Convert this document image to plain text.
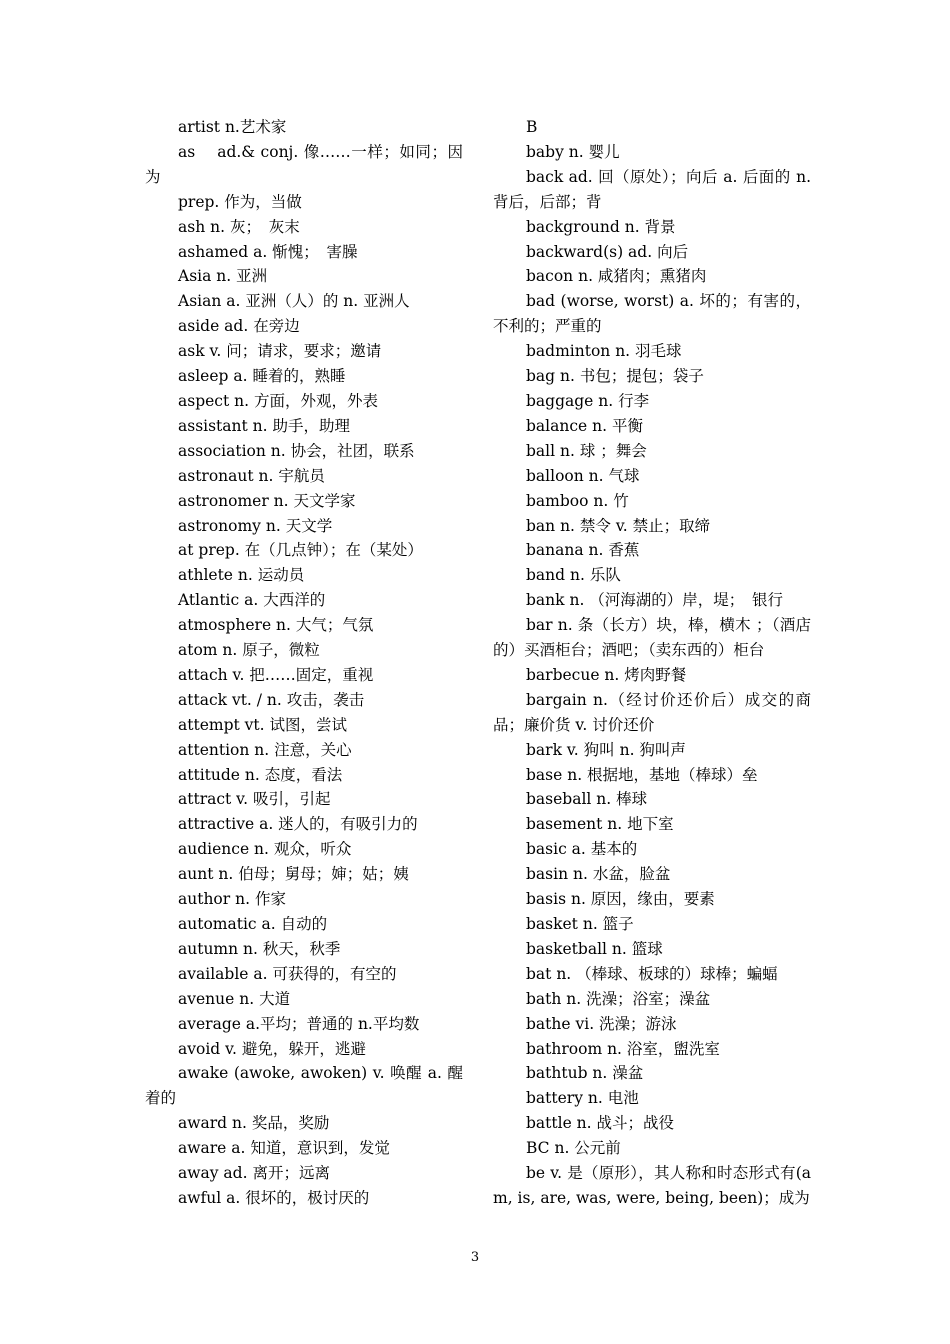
artist n.艺术家

as　 ad.& conj. 像……一样；如同；因为

prep. 作为，当做

ash n. 灰；　灰末

ashamed a. 惭愧；　害臊

Asia n. 亚洲

Asian a. 亚洲（人）的 n. 亚洲人

aside ad. 在旁边

ask v. 问；请求，要求；邀请

asleep a. 睡着的，熟睡

aspect n. 方面，外观，外表

assistant n. 助手，助理

association n. 协会，社团，联系

astronaut n. 宇航员

astronomer n. 天文学家

astronomy n. 天文学

at prep. 在（几点钟）；在（某处）

athlete n. 运动员

Atlantic a. 大西洋的

atmosphere n. 大气；气氛

atom n. 原子，微粒

attach v. 把……固定，重视

attack vt. / n. 攻击，袭击

attempt vt. 试图，尝试

attention n. 注意，关心

attitude n. 态度，看法

attract v. 吸引，引起

attractive a. 迷人的，有吸引力的

audience n. 观众，听众

aunt n. 伯母；舅母；婶；姑；姨

author n. 作家

automatic a. 自动的

autumn n. 秋天，秋季

available a. 可获得的，有空的

avenue n. 大道

average a.平均；普通的 n.平均数

avoid v. 避免，躲开，逃避

awake (awoke, awoken) v. 唤醒 a. 醒着的

award n. 奖品，奖励

aware a. 知道，意识到，发觉

away ad. 离开；远离

awful a. 很坏的，极讨厌的

B

baby n. 婴儿

back ad. 回（原处）；向后 a. 后面的 n. 背后，后部；背

background n. 背景

backward(s) ad. 向后

bacon n. 咸猪肉；熏猪肉

bad (worse, worst) a. 坏的；有害的，不利的；严重的

badminton n. 羽毛球

bag n. 书包；提包；袋子

baggage n. 行李

balance n. 平衡

ball n. 球 ；舞会

balloon n. 气球

bamboo n. 竹

ban n. 禁令 v. 禁止；取缔

banana n. 香蕉

band n. 乐队

bank n. （河海湖的）岸，堤；　银行

bar n. 条（长方）块，棒，横木 ；（酒店的）买酒柜台；酒吧；（卖东西的）柜台

barbecue n. 烤肉野餐

bargain n.（经讨价还价后）成交的商品；廉价货 v. 讨价还价

bark v. 狗叫 n. 狗叫声

base n. 根据地，基地（棒球）垒

baseball n. 棒球

basement n. 地下室

basic a. 基本的

basin n. 水盆，脸盆

basis n. 原因，缘由，要素

basket n. 篮子

basketball n. 篮球

bat n. （棒球、板球的）球棒；蝙蝠

bath n. 洗澡；浴室；澡盆

bathe vi. 洗澡；游泳

bathroom n. 浴室，盥洗室

bathtub n. 澡盆

battery n. 电池

battle n. 战斗；战役

BC n. 公元前

be v. 是（原形），其人称和时态形式有(am, is, are, was, were, being, been)；成为

3
